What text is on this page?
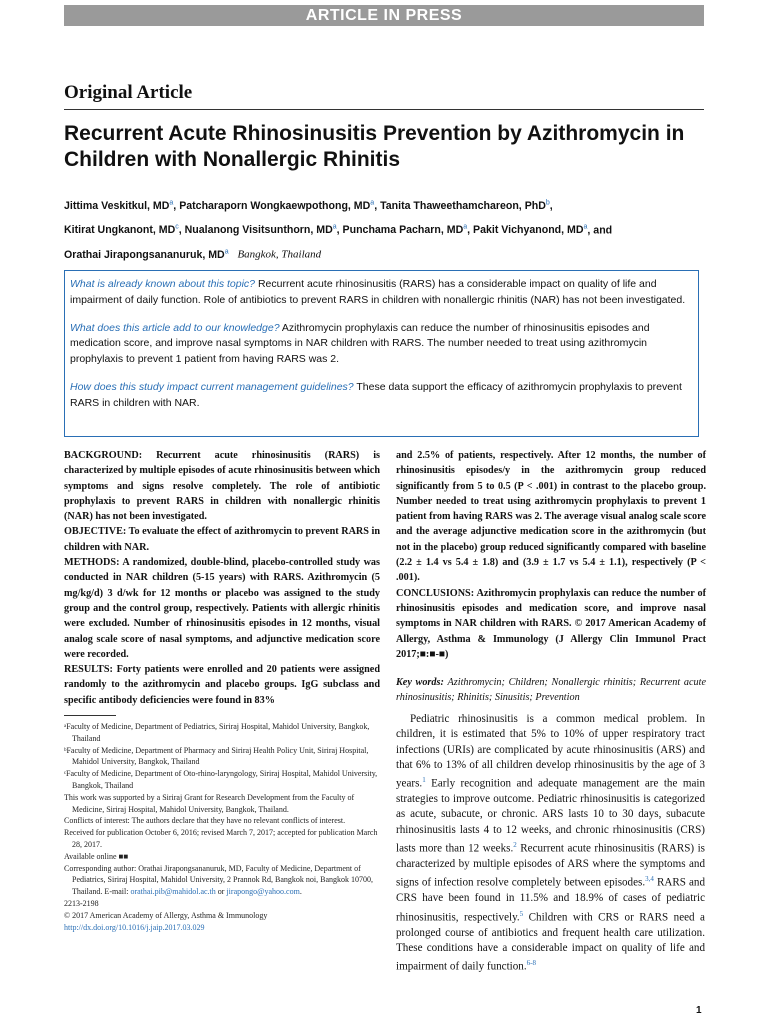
ARTICLE IN PRESS
Original Article
Recurrent Acute Rhinosinusitis Prevention by Azithromycin in Children with Nonallergic Rhinitis
Jittima Veskitkul, $MD^a$, Patcharaporn Wongkaewpothong, $MD^a$, Tanita Thaweethamchareon, PhD$^b$,
Kitirat Ungkanont, $MD^c$, Nualanong Visitsunthorn, $MD^a$, Punchama Pacharn, $MD^a$, Pakit Vichyanond, $MD^a$, and
Orathai Jirapongsananuruk, $MD^a$ Bangkok, Thailand

What is already known about this topic? Recurrent acute rhinosinusitis (RARS) has a considerable impact on quality of life and impairment of daily function. Role of antibiotics to prevent RARS in children with nonallergic rhinitis (NAR) has not been investigated.

What does this article add to our knowledge? Azithromycin prophylaxis can reduce the number of rhinosinusitis episodes and medication score, and improve nasal symptoms in NAR children with RARS. The number needed to treat using azithromycin prophylaxis to prevent 1 patient from having RARS was 2.

How does this study impact current management guidelines? These data support the efficacy of azithromycin prophylaxis to prevent RARS in children with NAR.

BACKGROUND: Recurrent acute rhinosinusitis (RARS) is characterized by multiple episodes of acute rhinosinusitis between which symptoms and signs resolve completely. The role of antibiotic prophylaxis to prevent RARS in children with nonallergic rhinitis (NAR) has not been investigated.
OBJECTIVE: To evaluate the effect of azithromycin to prevent RARS in children with NAR.
METHODS: A randomized, double-blind, placebo-controlled study was conducted in NAR children (5-15 years) with RARS. Azithromycin (5 mg/kg/d) 3 d/wk for 12 months or placebo was assigned to the study group and the control group, respectively. Patients with allergic rhinitis were excluded. Number of rhinosinusitis episodes in 12 months, visual analog scale score of nasal symptoms, and adjunctive medication score were recorded.
RESULTS: Forty patients were enrolled and 20 patients were assigned randomly to the azithromycin and placebo groups. IgG subclass and specific antibody deficiencies were found in 83%

and 2.5% of patients, respectively. After 12 months, the number of rhinosinusitis episodes/y in the azithromycin group reduced significantly from 5 to 0.5 (P < .001) in contrast to the placebo group. Number needed to treat using azithromycin prophylaxis to prevent 1 patient from having RARS was 2. The average visual analog scale score and the average adjunctive medication score in the azithromycin (but not in the placebo) group reduced significantly compared with baseline (2.2 ± 1.4 vs 5.4 ± 1.8) and (3.9 ± 1.7 vs 5.4 ± 1.1), respectively (P < .001).
CONCLUSIONS: Azithromycin prophylaxis can reduce the number of rhinosinusitis episodes and medication score, and improve nasal symptoms in NAR children with RARS. © 2017 American Academy of Allergy, Asthma & Immunology (J Allergy Clin Immunol Pract 2017;■:■-■)

Key words: Azithromycin; Children; Nonallergic rhinitis; Recurrent acute rhinosinusitis; Rhinitis; Sinusitis; Prevention

ᵃFaculty of Medicine, Department of Pediatrics, Siriraj Hospital, Mahidol University, Bangkok, Thailand

ᵇFaculty of Medicine, Department of Pharmacy and Siriraj Health Policy Unit, Siriraj Hospital, Mahidol University, Bangkok, Thailand

ᶜFaculty of Medicine, Department of Oto-rhino-laryngology, Siriraj Hospital, Mahidol University, Bangkok, Thailand

This work was supported by a Siriraj Grant for Research Development from the Faculty of Medicine, Siriraj Hospital, Mahidol University, Bangkok, Thailand.

Conflicts of interest: The authors declare that they have no relevant conflicts of interest.

Received for publication October 6, 2016; revised March 7, 2017; accepted for publication March 28, 2017.

Available online ■■

Corresponding author: Orathai Jirapongsananuruk, MD, Faculty of Medicine, Department of Pediatrics, Siriraj Hospital, Mahidol University, 2 Prannok Rd, Bangkok noi, Bangkok 10700, Thailand. E-mail: orathai.pib@mahidol.ac.th or jirapongo@yahoo.com.

2213-2198

© 2017 American Academy of Allergy, Asthma & Immunology

http://dx.doi.org/10.1016/j.jaip.2017.03.029

Pediatric rhinosinusitis is a common medical problem. In children, it is estimated that 5% to 10% of upper respiratory tract infections (URIs) are complicated by acute rhinosinusitis (ARS) and that 6% to 13% of all children develop rhinosinusitis by the age of 3 years.$^1$ Early recognition and adequate management are the main strategies to improve outcome. Pediatric rhinosinusitis is categorized as acute, subacute, or chronic. ARS lasts 10 to 30 days, subacute rhinosinusitis lasts 4 to 12 weeks, and chronic rhinosinusitis (CRS) lasts more than 12 weeks.$^2$ Recurrent acute rhinosinusitis (RARS) is characterized by multiple episodes of ARS where the symptoms and signs of infection resolve completely between episodes.$^{3,4}$ RARS and CRS have been found in 11.5% and 18.9% of cases of pediatric rhinosinusitis, respectively.$^5$ Children with CRS or RARS need a prolonged course of antibiotics and frequent health care utilization. These conditions have a considerable impact on quality of life and impairment of daily function.$^{6-8}$

1
